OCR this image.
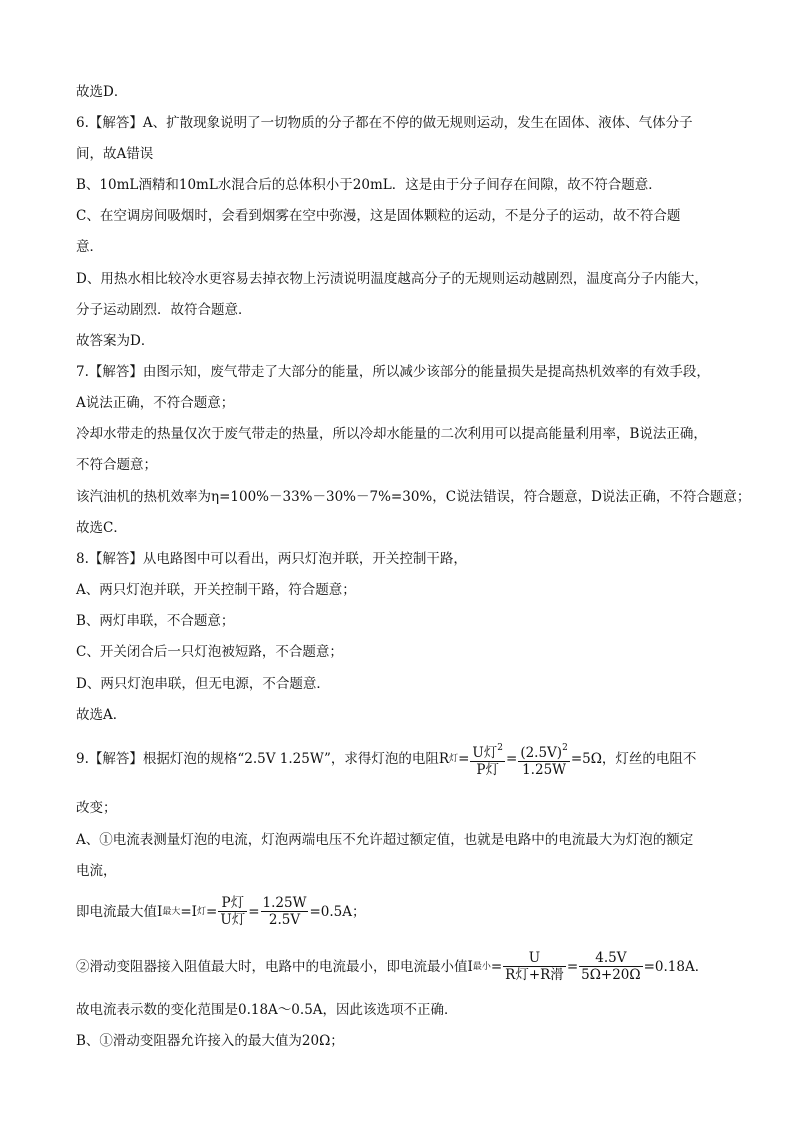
故选D．
6.【解答】A、扩散现象说明了一切物质的分子都在不停的做无规则运动，发生在固体、液体、气体分子
间，故A错误
B、10mL酒精和10mL水混合后的总体积小于20mL．这是由于分子间存在间隙，故不符合题意．
C、在空调房间吸烟时，会看到烟雾在空中弥漫，这是固体颗粒的运动，不是分子的运动，故不符合题
意．
D、用热水相比较冷水更容易去掉衣物上污渍说明温度越高分子的无规则运动越剧烈，温度高分子内能大，
分子运动剧烈．故符合题意．
故答案为D．
7.【解答】由图示知，废气带走了大部分的能量，所以减少该部分的能量损失是提高热机效率的有效手段，
A说法正确，不符合题意；
冷却水带走的热量仅次于废气带走的热量，所以冷却水能量的二次利用可以提高能量利用率，B说法正确，
不符合题意；
该汽油机的热机效率为η=100%－33%－30%－7%=30%，C说法错误，符合题意，D说法正确，不符合题意；
故选C．
8.【解答】从电路图中可以看出，两只灯泡并联，开关控制干路，
A、两只灯泡并联，开关控制干路，符合题意；
B、两灯串联，不合题意；
C、开关闭合后一只灯泡被短路，不合题意；
D、两只灯泡串联，但无电源，不合题意．
故选A．
9.【解答】根据灯泡的规格“2.5V 1.25W”，求得灯泡的电阻R 灯 = $\frac{U灯^2}{\text{P灯}} = \frac{(2.5V)^2}{1.25W} =5\Omega$，灯丝的电阻不
改变；
A、①电流表测量灯泡的电流，灯泡两端电压不允许超过额定值，也就是电路中的电流最大为灯泡的额定
电流，
即电流最大值I 最大 =I 灯 = $\frac{\text{P灯}}{\text{U灯}} = \frac{1.25W}{2.5V} =0.5A$；
②滑动变阻器接入阻值最大时，电路中的电流最小，即电流最小值I 最小 = $\frac{U}{\text{R灯+R滑}} = \frac{4.5V}{5\Omega+20\Omega} =0.18A$．
故电流表示数的变化范围是0.18A～0.5A，因此该选项不正确．
B、①滑动变阻器允许接入的最大值为20Ω；
